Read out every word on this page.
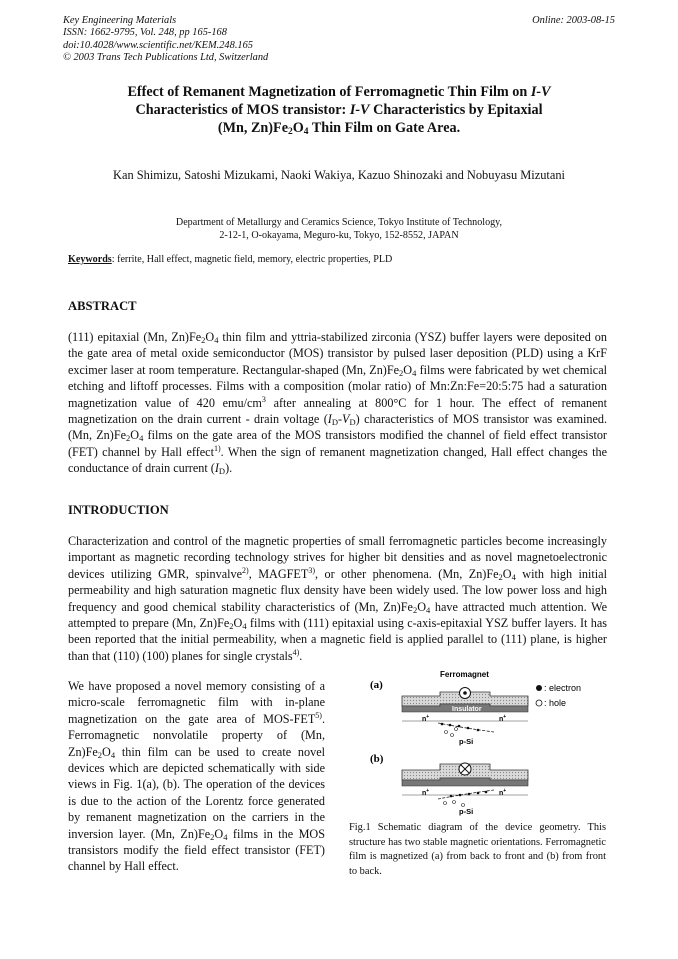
Key Engineering Materials
ISSN: 1662-9795, Vol. 248, pp 165-168
doi:10.4028/www.scientific.net/KEM.248.165
© 2003 Trans Tech Publications Ltd, Switzerland
Online: 2003-08-15
Effect of Remanent Magnetization of Ferromagnetic Thin Film on I-V
Characteristics of MOS transistor: I-V Characteristics by Epitaxial
(Mn, $Zn)Fe_2O_4$ Thin Film on Gate Area.
Kan Shimizu, Satoshi Mizukami, Naoki Wakiya, Kazuo Shinozaki and Nobuyasu Mizutani
Department of Metallurgy and Ceramics Science, Tokyo Institute of Technology,
2-12-1, O-okayama, Meguro-ku, Tokyo, 152-8552, JAPAN
Keywords: ferrite, Hall effect, magnetic field, memory, electric properties, PLD
ABSTRACT
(111) epitaxial (Mn, $Zn)Fe_2O_4$ thin film and yttria-stabilized zirconia (YSZ) buffer layers were deposited on the gate area of metal oxide semiconductor (MOS) transistor by pulsed laser deposition (PLD) using a KrF excimer laser at room temperature. Rectangular-shaped (Mn, $Zn)Fe_2O_4$ films were fabricated by wet chemical etching and liftoff processes. Films with a composition (molar ratio) of Mn:Zn:Fe=20:5:75 had a saturation magnetization value of 420 emu/$cm^3$ after annealing at 800°C for 1 hour. The effect of remanent magnetization on the drain current - drain voltage $(I_D-V_D)$ characteristics of MOS transistor was examined. (Mn, $Zn)Fe_2O_4$ films on the gate area of the MOS transistors modified the channel of field effect transistor (FET) channel by Hall effect$^{1)}$. When the sign of remanent magnetization changed, Hall effect changes the conductance of drain current $(I_D)$.
INTRODUCTION
Characterization and control of the magnetic properties of small ferromagnetic particles become increasingly important as magnetic recording technology strives for higher bit densities and as novel magnetoelectronic devices utilizing GMR, spinvalve$^{2)}$, MAGFET$^{3)}$, or other phenomena. (Mn, $Zn)Fe_2O_4$ with high initial permeability and high saturation magnetic flux density have been widely used. The low power loss and high frequency and good chemical stability characteristics of (Mn, $Zn)Fe_2O_4$ have attracted much attention. We attempted to prepare (Mn, $Zn)Fe_2O_4$ films with (111) epitaxial using c-axis-epitaxial YSZ buffer layers. It has been reported that the initial permeability, when a magnetic field is applied parallel to (111) plane, is higher than that (110) (100) planes for single crystals$^{4)}$.
We have proposed a novel memory consisting of a micro-scale ferromagnetic film with in-plane magnetization on the gate area of MOS-FET$^{5)}$. Ferromagnetic nonvolatile property of (Mn, $Zn)Fe_2O_4$ thin film can be used to create novel devices which are depicted schematically with side views in Fig. 1(a), (b). The operation of the devices is due to the action of the Lorentz force generated by remanent magnetization on the carriers in the inversion layer. (Mn, $Zn)Fe_2O_4$ films in the MOS transistors modify the field effect transistor (FET) channel by Hall effect.
(a)
Ferromagnet
Insulator
n+	n+
p-Si
: electron
: hole
(b)
n+	n+
p-Si
Fig.1 Schematic diagram of the device geometry. This structure has two stable magnetic orientations. Ferromagnetic film is magnetized (a) from back to front and (b) from front to back.
